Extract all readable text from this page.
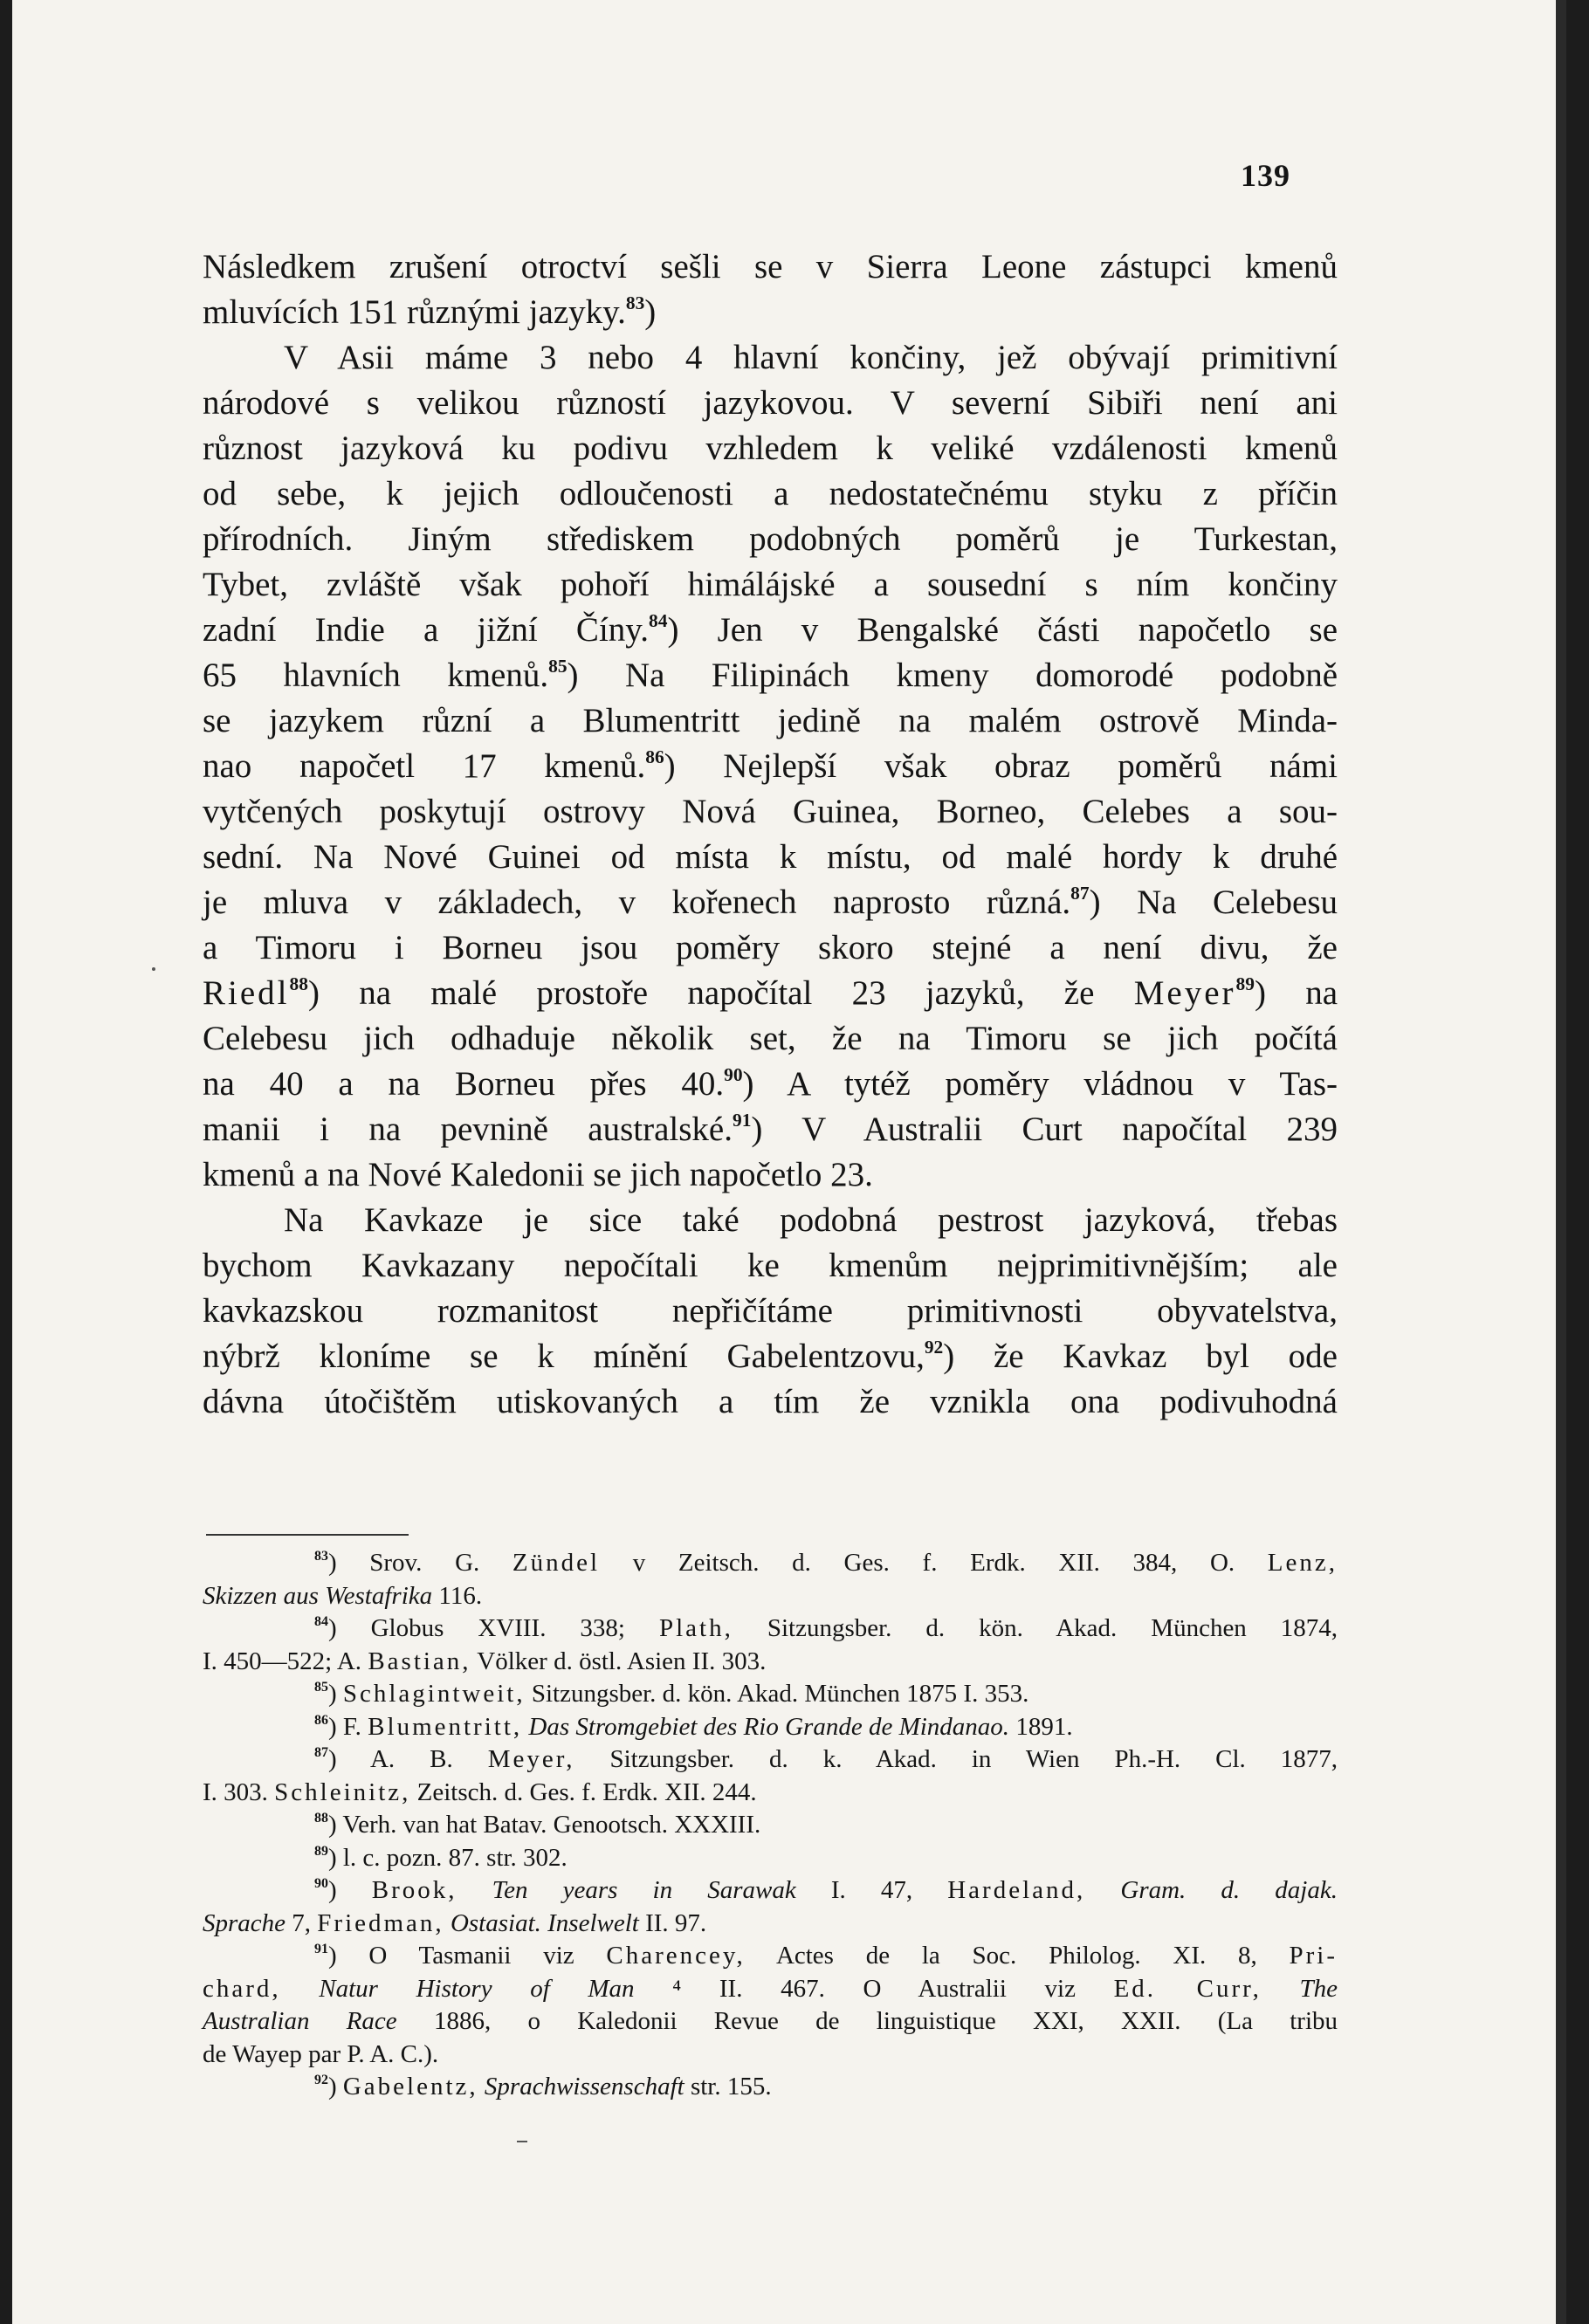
139
Následkem zrušení otroctví sešli se v Sierra Leone zástupci kmenů
mluvících 151 různými jazyky.$^{83}$)
V Asii máme 3 nebo 4 hlavní končiny, jež obývají primitivní
národové s velikou růzností jazykovou. V severní Sibiři není ani
různost jazyková ku podivu vzhledem k veliké vzdálenosti kmenů
od sebe, k jejich odloučenosti a nedostatečnému styku z příčin
přírodních. Jiným střediskem podobných poměrů je Turkestan,
Tybet, zvláště však pohoří himálájské a sousední s ním končiny
zadní Indie a jižní Číny.$^{84}$) Jen v Bengalské části napočetlo se
65 hlavních kmenů.$^{85}$) Na Filipinách kmeny domorodé podobně
se jazykem různí a Blumentritt jedině na malém ostrově Minda-
nao napočetl 17 kmenů.$^{86}$) Nejlepší však obraz poměrů námi
vytčených poskytují ostrovy Nová Guinea, Borneo, Celebes a sou-
sední. Na Nové Guinei od místa k místu, od malé hordy k druhé
je mluva v základech, v kořenech naprosto různá.$^{87}$) Na Celebesu
a Timoru i Borneu jsou poměry skoro stejné a není divu, že
Riedl$^{88}$) na malé prostoře napočítal 23 jazyků, že Meyer$^{89}$) na
Celebesu jich odhaduje několik set, že na Timoru se jich počítá
na 40 a na Borneu přes 40.90) A tytéž poměry vládnou v Tas-
manii i na pevnině australské.$^{91}$) V Australii Curt napočítal 239
kmenů a na Nové Kaledonii se jich napočetlo 23.
Na Kavkaze je sice také podobná pestrost jazyková, třebas
bychom Kavkazany nepočítali ke kmenům nejprimitivnějším; ale
kavkazskou rozmanitost nepřičítáme primitivnosti obyvatelstva,
nýbrž kloníme se k mínění Gabelentzovu,$^{92}$) že Kavkaz byl ode
dávna útočištěm utiskovaných a tím že vznikla ona podivuhodná
$^{83}$) Srov. G. Zündel v Zeitsch. d. Ges. f. Erdk. XII. 384, O. Lenz,
Skizzen aus Westafrika 116.
$^{84}$) Globus XVIII. 338; Plath, Sitzungsber. d. kön. Akad. München 1874,
I. 450—522; A. Bastian, Völker d. östl. Asien II. 303.
$^{85}$) Schlagintweit, Sitzungsber. d. kön. Akad. München 1875 I. 353.
$^{86}$) F. Blumentritt, Das Stromgebiet des Rio Grande de Mindanao. 1891.
$^{87}$) A. B. Meyer, Sitzungsber. d. k. Akad. in Wien Ph.-H. Cl. 1877,
I. 303. Schleinitz, Zeitsch. d. Ges. f. Erdk. XII. 244.
$^{88}$) Verh. van hat Batav. Genootsch. XXXIII.
$^{89}$) l. c. pozn. 87. str. 302.
$^{90}$) Brook, Ten years in Sarawak I. 47, Hardeland, Gram. d. dajak.
Sprache 7, Friedman, Ostasiat. Inselwelt II. 97.
$^{91}$) O Tasmanii viz Charencey, Actes de la Soc. Philolog. XI. 8, Pri-
chard, Natur History of Man ⁴ II. 467. O Australii viz Ed. Curr, The
Australian Race 1886, o Kaledonii Revue de linguistique XXI, XXII. (La tribu
de Wayep par P. A. C.).
$^{92}$) Gabelentz, Sprachwissenschaft str. 155.
